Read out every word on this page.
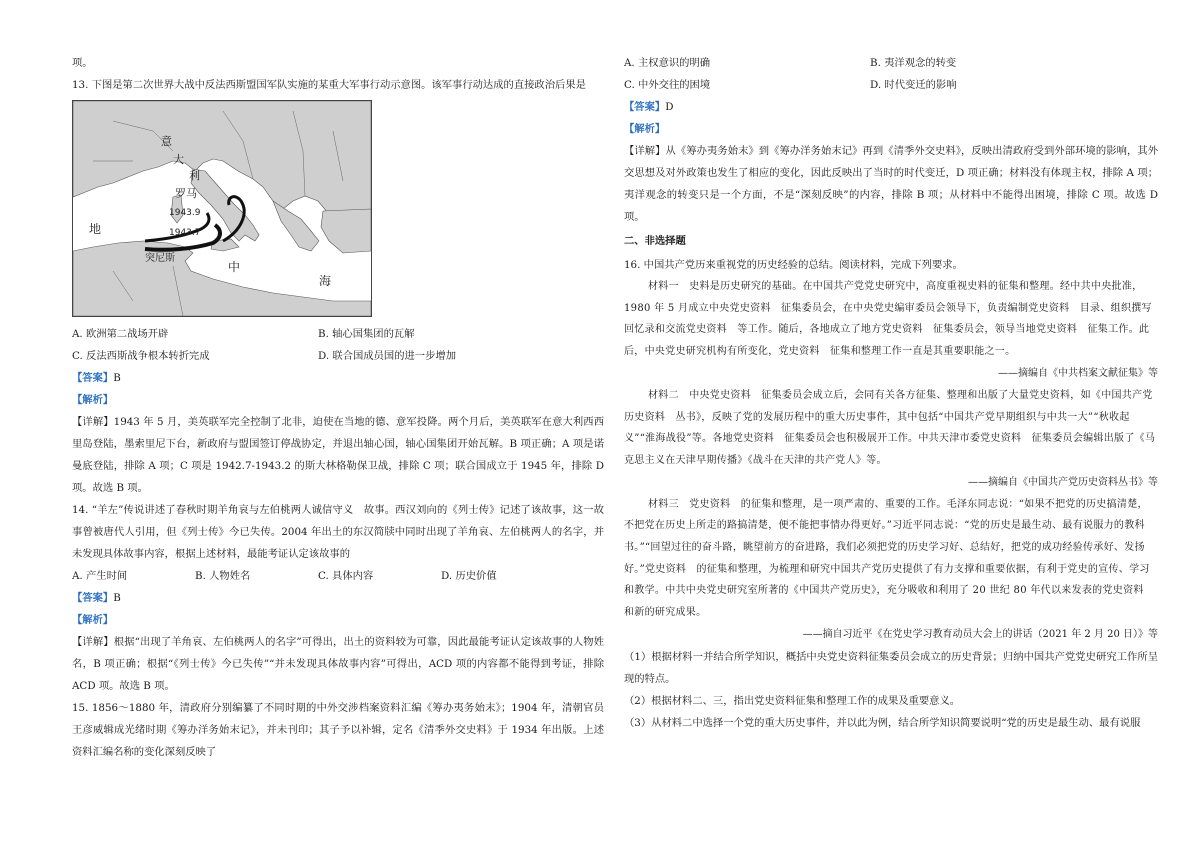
项。

13. 下图是第二次世界大战中反法西斯盟国军队实施的某重大军事行动示意图。该军事行动达成的直接政治后果是

意
大
利
罗马
1943.9
1943.7
地
中
海
突尼斯
A. 欧洲第二战场开辟	B. 轴心国集团的瓦解
C. 反法西斯战争根本转折完成	D. 联合国成员国的进一步增加

【答案】B

【解析】

【详解】1943 年 5 月，美英联军完全控制了北非，迫使在当地的德、意军投降。两个月后，美英联军在意大利西西里岛登陆，墨索里尼下台，新政府与盟国签订停战协定，并退出轴心国，轴心国集团开始瓦解。B 项正确；A 项是诺曼底登陆，排除 A 项；C 项是 1942.7-1943.2 的斯大林格勒保卫战，排除 C 项；联合国成立于 1945 年，排除 D 项。故选 B 项。

14. “羊左”传说讲述了春秋时期羊角哀与左伯桃两人诚信守义　故事。西汉刘向的《列士传》记述了该故事，这一故事曾被唐代人引用，但《列士传》今已失传。2004 年出土的东汉简牍中同时出现了羊角哀、左伯桃两人的名字，并未发现具体故事内容，根据上述材料，最能考证认定该故事的

A. 产生时间	B. 人物姓名	C. 具体内容	D. 历史价值

【答案】B

【解析】

【详解】根据“出现了羊角哀、左伯桃两人的名字”可得出，出土的资料较为可靠，因此最能考证认定该故事的人物姓名，B 项正确；根据“《列士传》今已失传”“并未发现具体故事内容”可得出，ACD 项的内容都不能得到考证，排除 ACD 项。故选 B 项。

15. 1856～1880 年，清政府分别编纂了不同时期的中外交涉档案资料汇编《筹办夷务始末》；1904 年，清朝官员王彦威辑成光绪时期《筹办洋务始末记》，并未刊印；其子予以补辑，定名《清季外交史料》于 1934 年出版。上述资料汇编名称的变化深刻反映了

A. 主权意识的明确	B. 夷洋观念的转变
C. 中外交往的困境	D. 时代变迁的影响

【答案】D

【解析】

【详解】从《筹办夷务始末》到《筹办洋务始末记》再到《清季外交史料》，反映出清政府受到外部环境的影响，其外交思想及对外政策也发生了相应的变化，因此反映出了当时的时代变迁，D 项正确；材料没有体现主权，排除 A 项；夷洋观念的转变只是一个方面，不是“深刻反映”的内容，排除 B 项；从材料中不能得出困境，排除 C 项。故选 D 项。

二、非选择题

16. 中国共产党历来重视党的历史经验的总结。阅读材料，完成下列要求。

材料一　史料是历史研究的基础。在中国共产党党史研究中，高度重视史料的征集和整理。经中共中央批准，1980 年 5 月成立中央党史资料　征集委员会，在中央党史编审委员会领导下，负责编制党史资料　目录、组织撰写回忆录和交流党史资料　等工作。随后，各地成立了地方党史资料　征集委员会，领导当地党史资料　征集工作。此后，中央党史研究机构有所变化，党史资料　征集和整理工作一直是其重要职能之一。

——摘编自《中共档案文献征集》等

材料二　中央党史资料　征集委员会成立后，会同有关各方征集、整理和出版了大量党史资料，如《中国共产党历史资料　丛书》，反映了党的发展历程中的重大历史事件，其中包括“中国共产党早期组织与中共一大”“秋收起义”“淮海战役”等。各地党史资料　征集委员会也积极展开工作。中共天津市委党史资料　征集委员会编辑出版了《马克思主义在天津早期传播》《战斗在天津的共产党人》等。

——摘编自《中国共产党历史资料丛书》等

材料三　党史资料　的征集和整理，是一项严肃的、重要的工作。毛泽东同志说：“如果不把党的历史搞清楚，不把党在历史上所走的路搞清楚，便不能把事情办得更好。”习近平同志说：“党的历史是最生动、最有说服力的教科书。”“回望过往的奋斗路，眺望前方的奋进路，我们必须把党的历史学习好、总结好，把党的成功经验传承好、发扬好。”党史资料　的征集和整理，为梳理和研究中国共产党历史提供了有力支撑和重要依据，有利于党史的宣传、学习和教学。中共中央党史研究室所著的《中国共产党历史》，充分吸收和利用了 20 世纪 80 年代以来发表的党史资料　和新的研究成果。

——摘自习近平《在党史学习教育动员大会上的讲话（2021 年 2 月 20 日）》等

（1）根据材料一并结合所学知识，概括中央党史资料征集委员会成立的历史背景；归纳中国共产党党史研究工作所呈现的特点。

（2）根据材料二、三，指出党史资料征集和整理工作的成果及重要意义。

（3）从材料二中选择一个党的重大历史事件，并以此为例，结合所学知识简要说明“党的历史是最生动、最有说服
